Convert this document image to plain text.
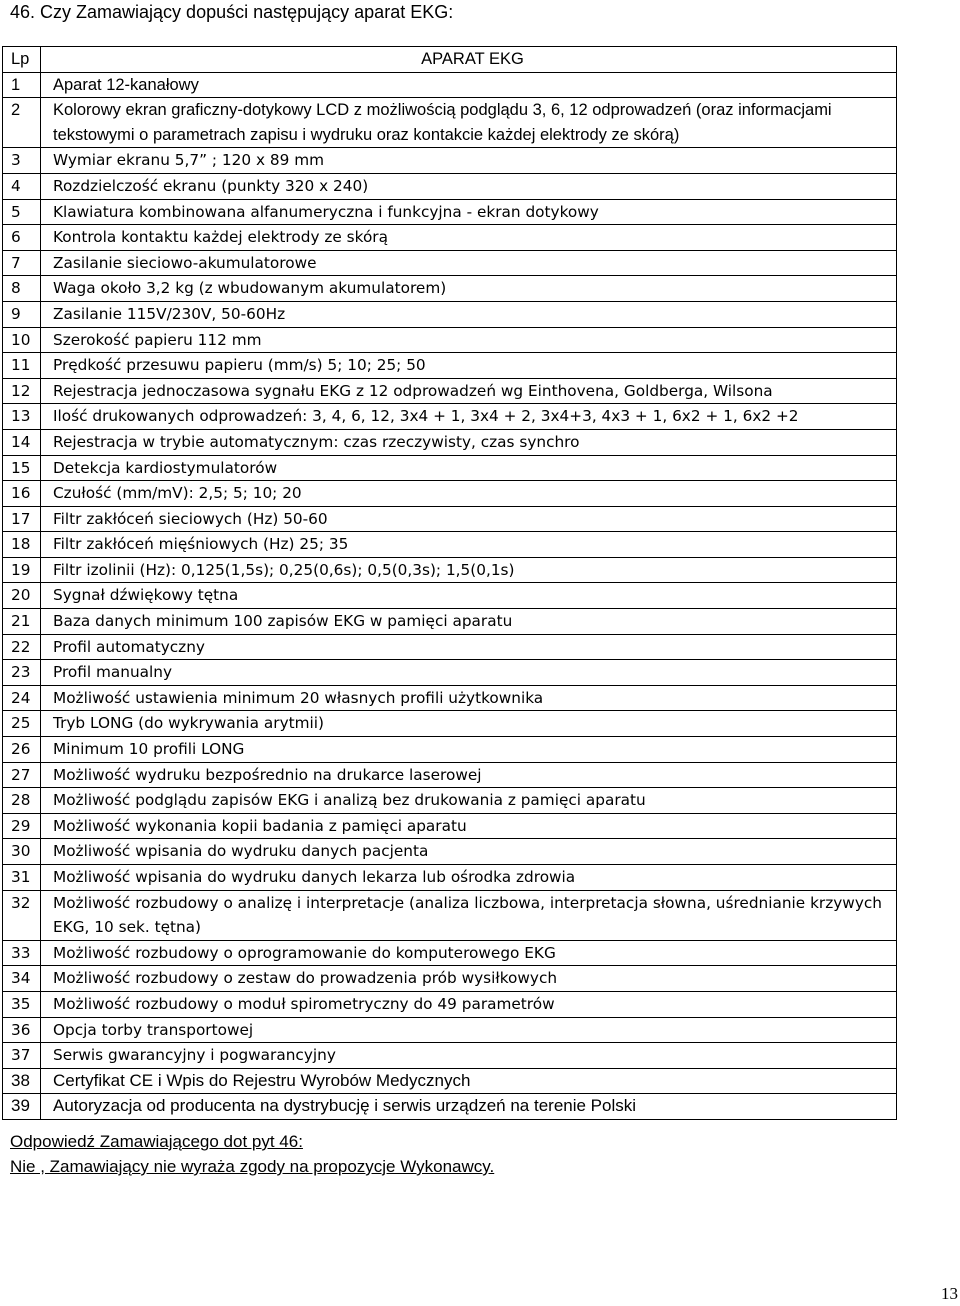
46. Czy Zamawiający dopuści następujący aparat EKG:
Lp	APARAT EKG
1	Aparat 12-kanałowy
2	Kolorowy ekran graficzny-dotykowy LCD z możliwością podglądu 3, 6, 12 odprowadzeń (oraz informacjami tekstowymi o parametrach zapisu i wydruku oraz kontakcie każdej elektrody ze skórą)
3	Wymiar ekranu 5,7” ; 120 x 89 mm
4	Rozdzielczość ekranu (punkty 320 x 240)
5	Klawiatura kombinowana alfanumeryczna i funkcyjna - ekran dotykowy
6	Kontrola kontaktu każdej elektrody ze skórą
7	Zasilanie sieciowo-akumulatorowe
8	Waga około 3,2 kg (z wbudowanym akumulatorem)
9	Zasilanie 115V/230V, 50-60Hz
10	Szerokość papieru 112 mm
11	Prędkość przesuwu papieru (mm/s) 5; 10; 25; 50
12	Rejestracja jednoczasowa sygnału EKG z 12 odprowadzeń wg Einthovena, Goldberga, Wilsona
13	Ilość drukowanych odprowadzeń: 3, 4, 6, 12, 3x4 + 1, 3x4 + 2, 3x4+3, 4x3 + 1, 6x2 + 1, 6x2 +2
14	Rejestracja w trybie automatycznym: czas rzeczywisty, czas synchro
15	Detekcja kardiostymulatorów
16	Czułość (mm/mV): 2,5; 5; 10; 20
17	Filtr zakłóceń sieciowych (Hz) 50-60
18	Filtr zakłóceń mięśniowych (Hz) 25; 35
19	Filtr izolinii (Hz): 0,125(1,5s); 0,25(0,6s); 0,5(0,3s); 1,5(0,1s)
20	Sygnał dźwiękowy tętna
21	Baza danych minimum 100 zapisów EKG w pamięci aparatu
22	Profil automatyczny
23	Profil manualny
24	Możliwość ustawienia minimum 20 własnych profili użytkownika
25	Tryb LONG (do wykrywania arytmii)
26	Minimum 10 profili LONG
27	Możliwość wydruku bezpośrednio na drukarce laserowej
28	Możliwość podglądu zapisów EKG i analizą bez drukowania z pamięci aparatu
29	Możliwość wykonania kopii badania z pamięci aparatu
30	Możliwość wpisania do wydruku danych pacjenta
31	Możliwość wpisania do wydruku danych lekarza lub ośrodka zdrowia
32	Możliwość rozbudowy o analizę i interpretacje (analiza liczbowa, interpretacja słowna, uśrednianie krzywych EKG, 10 sek. tętna)
33	Możliwość rozbudowy o oprogramowanie do komputerowego EKG
34	Możliwość rozbudowy o zestaw do prowadzenia prób wysiłkowych
35	Możliwość rozbudowy o moduł spirometryczny do 49 parametrów
36	Opcja torby transportowej
37	Serwis gwarancyjny i pogwarancyjny
38	Certyfikat CE i Wpis do Rejestru Wyrobów Medycznych
39	Autoryzacja od producenta na dystrybucję i serwis urządzeń na terenie Polski
Odpowiedź Zamawiającego dot pyt 46:
Nie , Zamawiający nie wyraża zgody na propozycje Wykonawcy.
13
